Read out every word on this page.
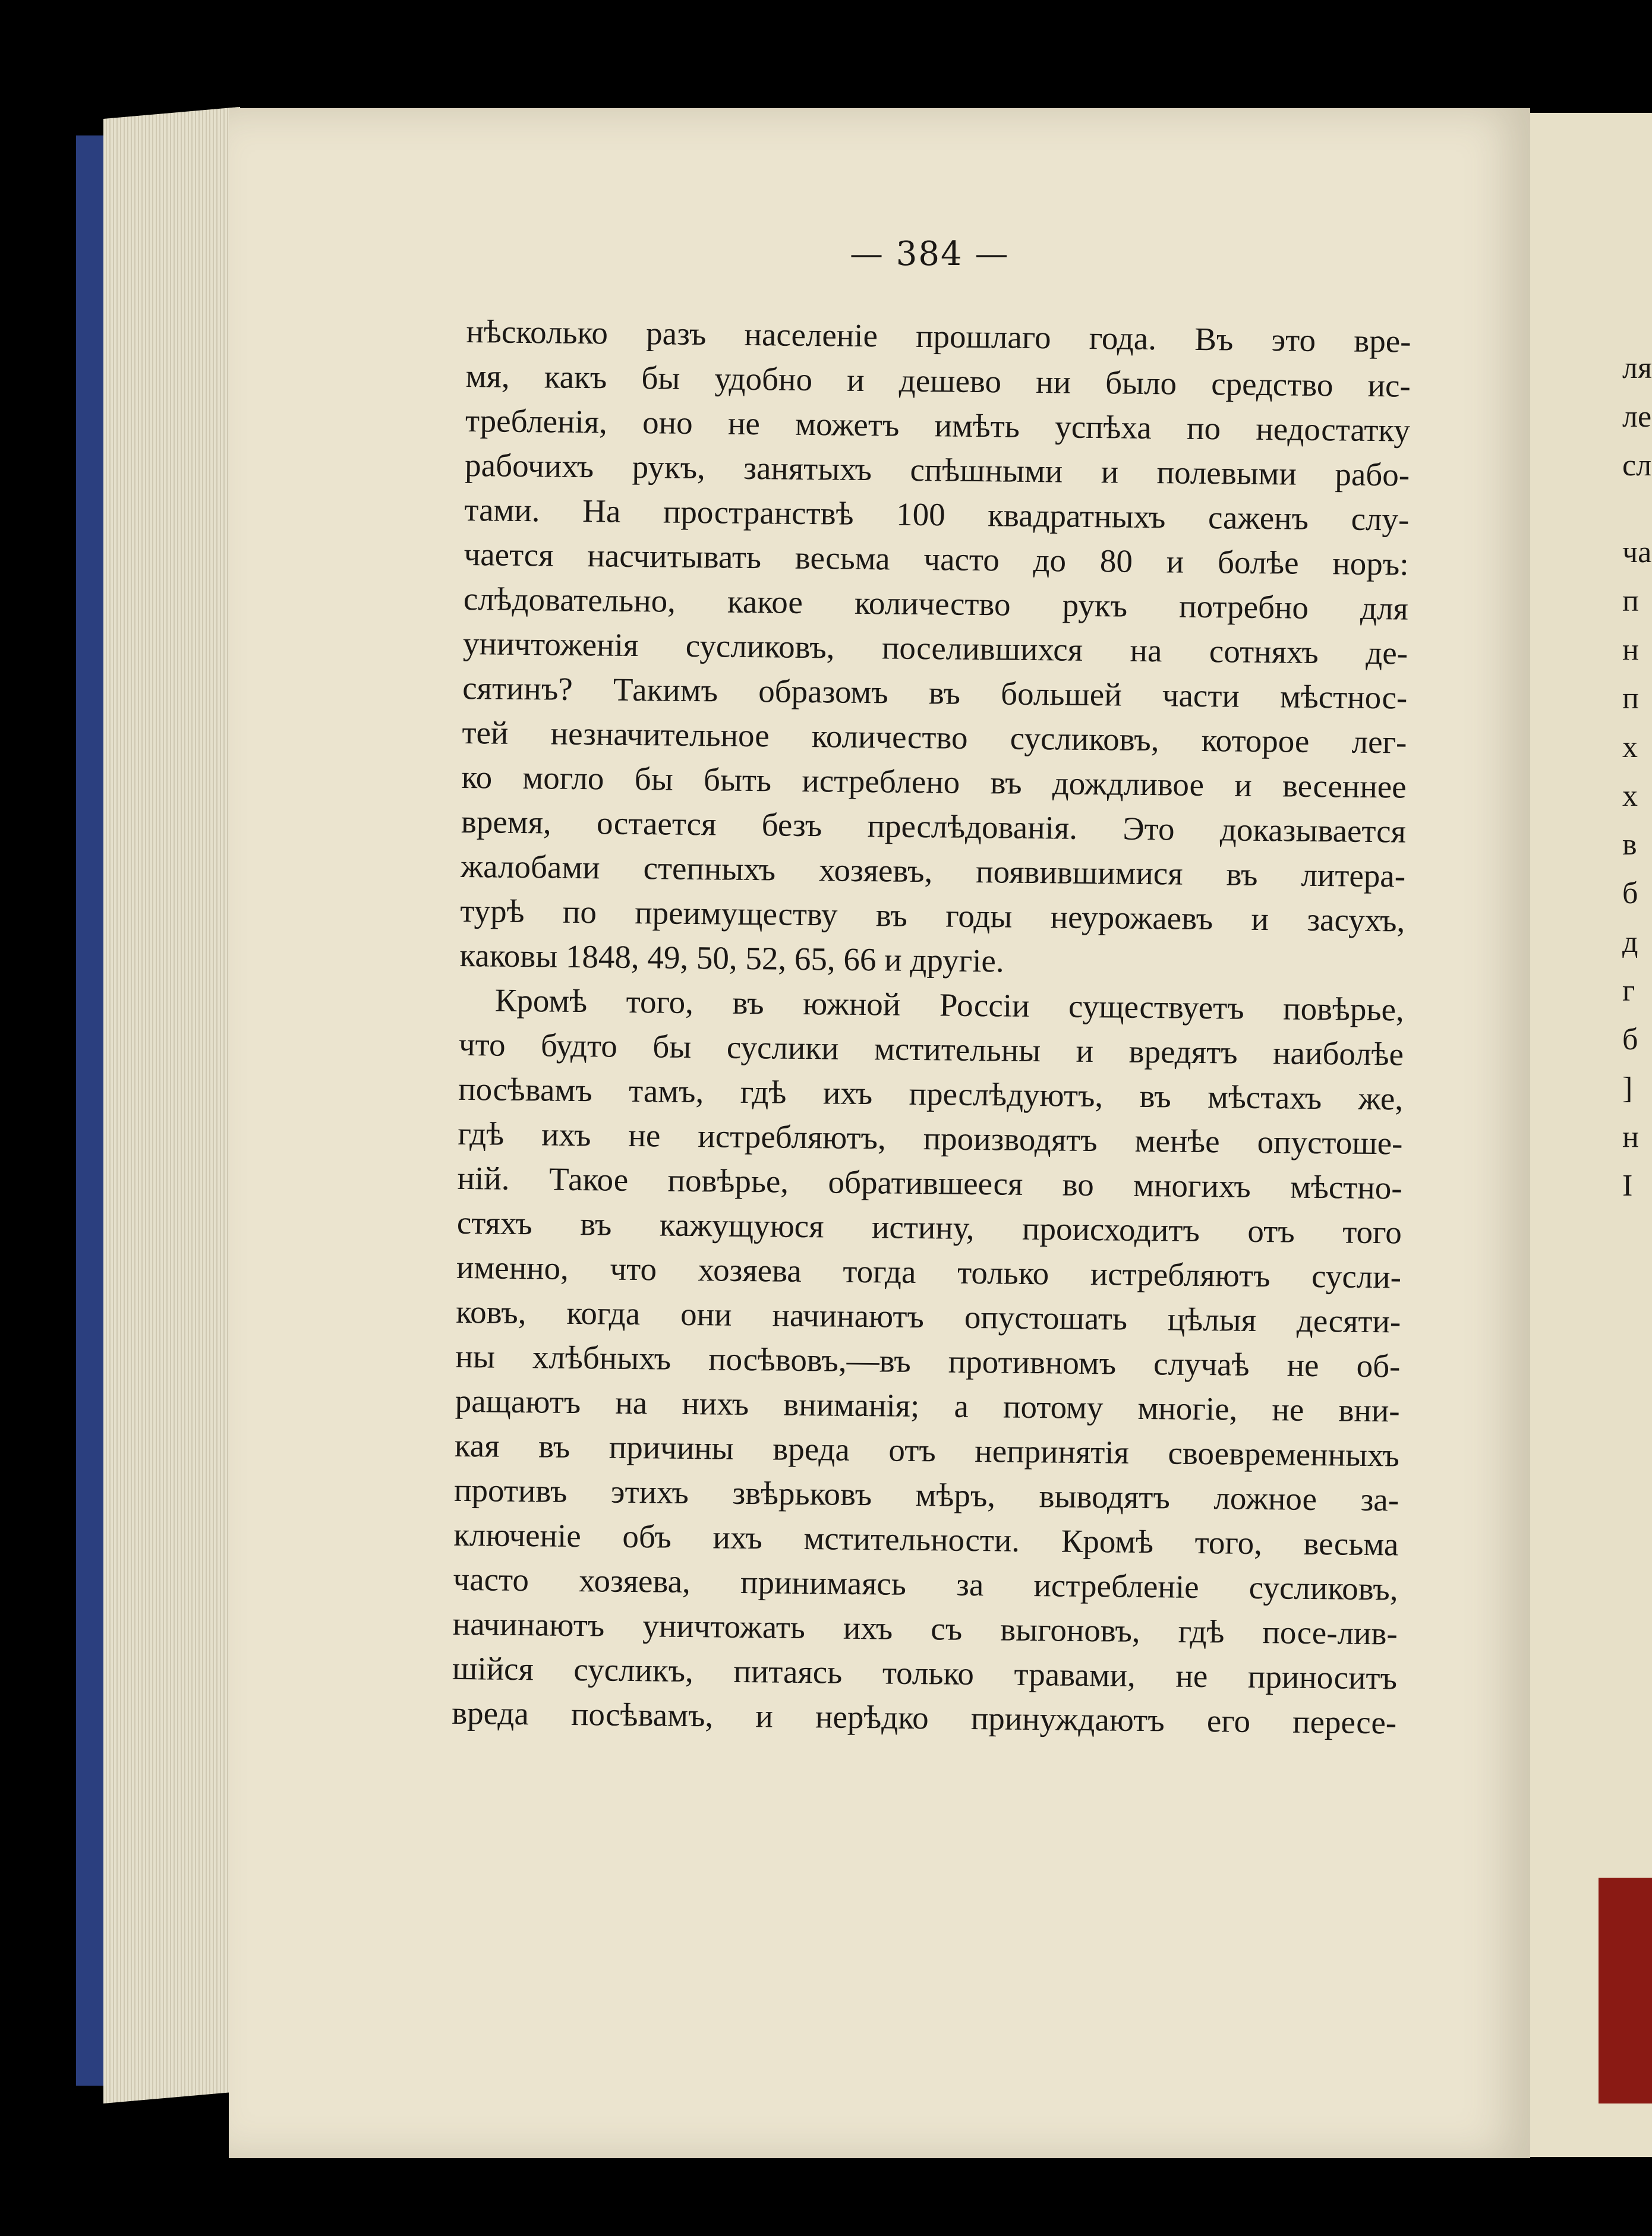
— 384 —
нѣсколько разъ населенiе прошлаго года. Въ это вре-
мя, какъ бы удобно и дешево ни было средство ис-
требленiя, оно не можетъ имѣть успѣха по недостатку
рабочихъ рукъ, занятыхъ спѣшными и полевыми рабо-
тами. На пространствѣ 100 квадратныхъ саженъ слу-
чается насчитывать весьма часто до 80 и болѣе норъ:
слѣдовательно, какое количество рукъ потребно для
уничтоженiя сусликовъ, поселившихся на сотняхъ де-
сятинъ? Такимъ образомъ въ большей части мѣстнос-
тей незначительное количество сусликовъ, которое лег-
ко могло бы быть истреблено въ дождливое и весеннее
время, остается безъ преслѣдованiя. Это доказывается
жалобами степныхъ хозяевъ, появившимися въ литера-
турѣ по преимуществу въ годы неурожаевъ и засухъ,
каковы 1848, 49, 50, 52, 65, 66 и другiе.
Кромѣ того, въ южной Россiи существуетъ повѣрье,
что будто бы суслики мстительны и вредятъ наиболѣе
посѣвамъ тамъ, гдѣ ихъ преслѣдуютъ, въ мѣстахъ же,
гдѣ ихъ не истребляютъ, производятъ менѣе опустоше-
нiй. Такое повѣрье, обратившееся во многихъ мѣстно-
стяхъ въ кажущуюся истину, происходитъ отъ того
именно, что хозяева тогда только истребляютъ сусли-
ковъ, когда они начинаютъ опустошать цѣлыя десяти-
ны хлѣбныхъ посѣвовъ,—въ противномъ случаѣ не об-
ращаютъ на нихъ вниманiя; а потому многiе, не вни-
кая въ причины вреда отъ непринятiя своевременныхъ
противъ этихъ звѣрьковъ мѣръ, выводятъ ложное за-
ключенiе объ ихъ мстительности. Кромѣ того, весьма
часто хозяева, принимаясь за истребленiе сусликовъ,
начинаютъ уничтожать ихъ съ выгоновъ, гдѣ посе-лив-
шiйся сусликъ, питаясь только травами, не приноситъ
вреда посѣвамъ, и нерѣдко принуждаютъ его пересе-
ля
ле
сл
ча
п
н
п
х
х
в
б
д
г
б
]
н
I
